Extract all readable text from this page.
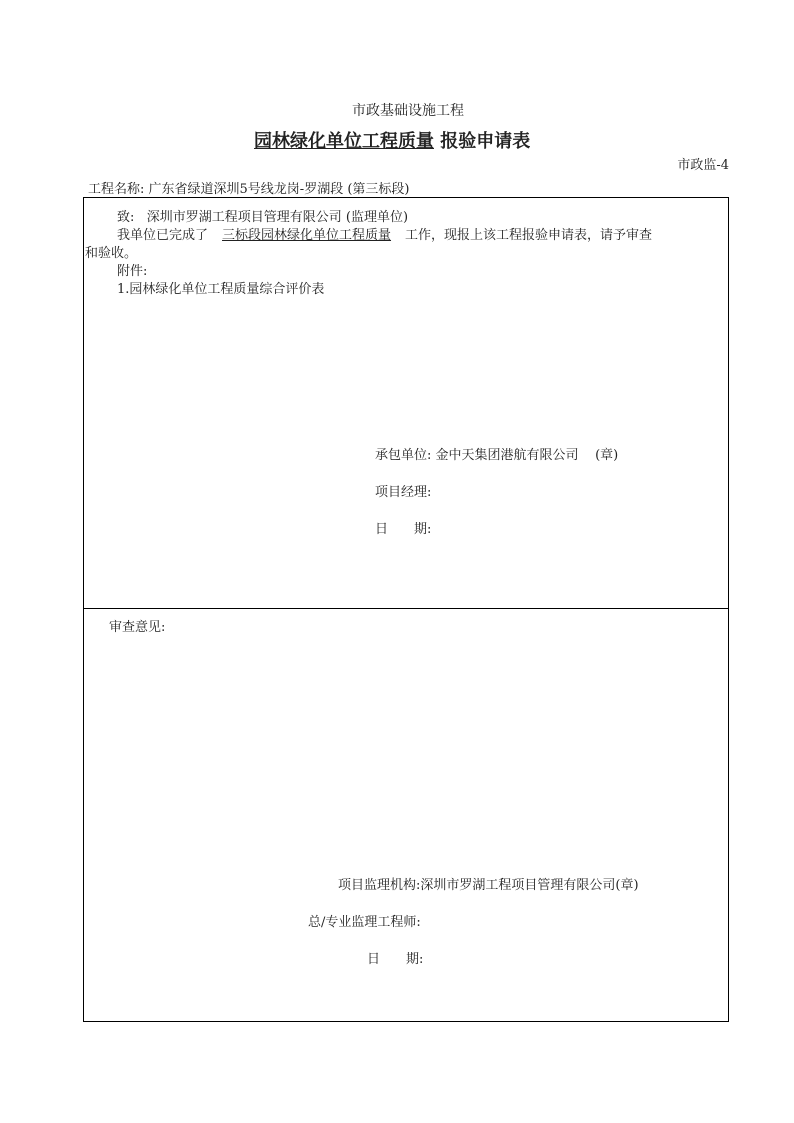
市政基础设施工程
园林绿化单位工程质量 报验申请表
市政监-4
工程名称: 广东省绿道深圳5号线龙岗-罗湖段 (第三标段)
致: 深圳市罗湖工程项目管理有限公司 (监理单位)
我单位已完成了 三标段园林绿化单位工程质量 工作，现报上该工程报验申请表，请予审查
和验收。
附件:
1.园林绿化单位工程质量综合评价表
承包单位: 金中天集团港航有限公司 (章)
项目经理:
日　　期:
审查意见:
项目监理机构:深圳市罗湖工程项目管理有限公司(章)
总/专业监理工程师:
日　　期:
